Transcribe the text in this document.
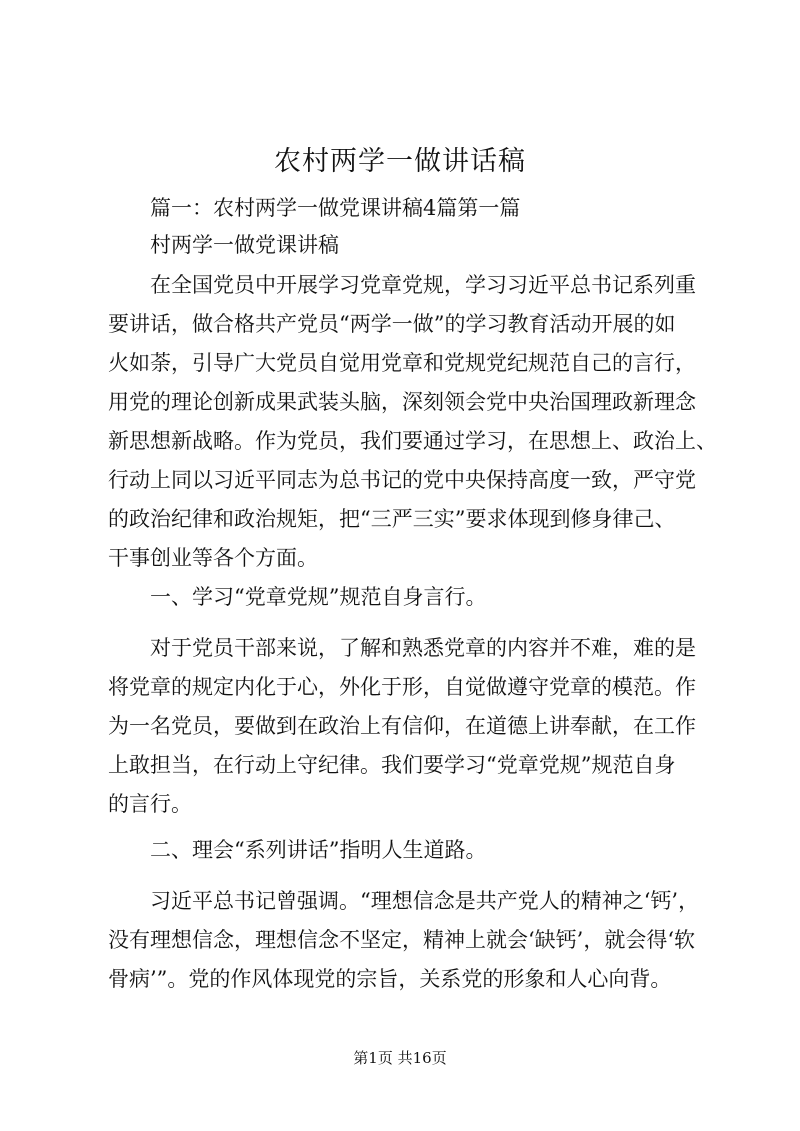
农村两学一做讲话稿
篇一：农村两学一做党课讲稿4篇第一篇
村两学一做党课讲稿
在全国党员中开展学习党章党规，学习习近平总书记系列重
要讲话，做合格共产党员“两学一做”的学习教育活动开展的如
火如荼，引导广大党员自觉用党章和党规党纪规范自己的言行，
用党的理论创新成果武装头脑，深刻领会党中央治国理政新理念
新思想新战略。作为党员，我们要通过学习，在思想上、政治上、
行动上同以习近平同志为总书记的党中央保持高度一致，严守党
的政治纪律和政治规矩，把“三严三实”要求体现到修身律己、
干事创业等各个方面。
一、学习“党章党规”规范自身言行。
对于党员干部来说，了解和熟悉党章的内容并不难，难的是
将党章的规定内化于心，外化于形，自觉做遵守党章的模范。作
为一名党员，要做到在政治上有信仰，在道德上讲奉献，在工作
上敢担当，在行动上守纪律。我们要学习“党章党规”规范自身
的言行。
二、理会“系列讲话”指明人生道路。
习近平总书记曾强调。“理想信念是共产党人的精神之‘钙’，
没有理想信念，理想信念不坚定，精神上就会‘缺钙’，就会得‘软
骨病’”。党的作风体现党的宗旨，关系党的形象和人心向背。
第1页 共16页
